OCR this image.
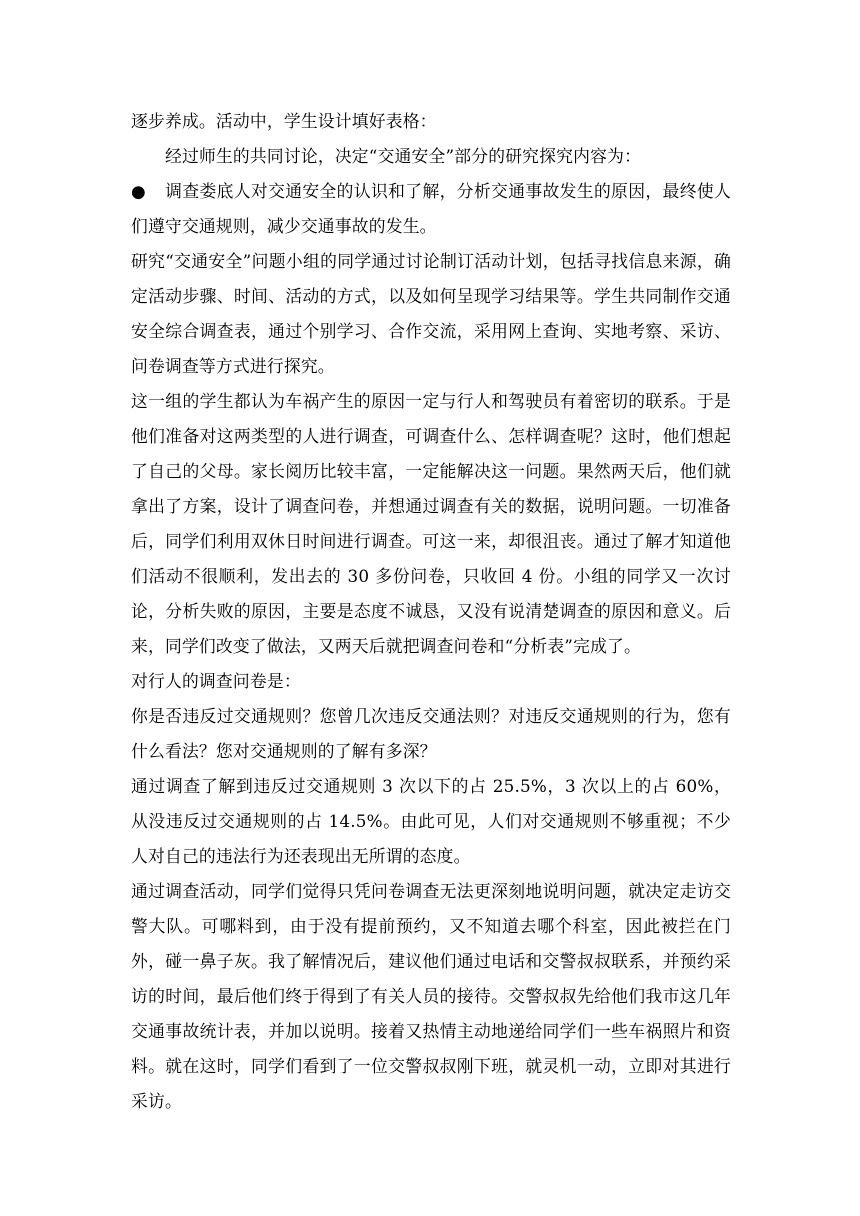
逐步养成。活动中，学生设计填好表格：

经过师生的共同讨论，决定“交通安全”部分的研究探究内容为：

● 调查娄底人对交通安全的认识和了解，分析交通事故发生的原因，最终使人们遵守交通规则，减少交通事故的发生。

研究“交通安全”问题小组的同学通过讨论制订活动计划，包括寻找信息来源，确定活动步骤、时间、活动的方式，以及如何呈现学习结果等。学生共同制作交通安全综合调查表，通过个别学习、合作交流，采用网上查询、实地考察、采访、问卷调查等方式进行探究。

这一组的学生都认为车祸产生的原因一定与行人和驾驶员有着密切的联系。于是他们准备对这两类型的人进行调查，可调查什么、怎样调查呢？这时，他们想起了自己的父母。家长阅历比较丰富，一定能解决这一问题。果然两天后，他们就拿出了方案，设计了调查问卷，并想通过调查有关的数据，说明问题。一切准备后，同学们利用双休日时间进行调查。可这一来，却很沮丧。通过了解才知道他们活动不很顺利，发出去的 30 多份问卷，只收回 4 份。小组的同学又一次讨论，分析失败的原因，主要是态度不诚恳，又没有说清楚调查的原因和意义。后来，同学们改变了做法，又两天后就把调查问卷和“分析表”完成了。

对行人的调查问卷是：

你是否违反过交通规则？您曾几次违反交通法则？对违反交通规则的行为，您有什么看法？您对交通规则的了解有多深？

通过调查了解到违反过交通规则 3 次以下的占 25.5%，3 次以上的占 60%，从没违反过交通规则的占 14.5%。由此可见，人们对交通规则不够重视；不少人对自己的违法行为还表现出无所谓的态度。

通过调查活动，同学们觉得只凭问卷调查无法更深刻地说明问题，就决定走访交警大队。可哪料到，由于没有提前预约，又不知道去哪个科室，因此被拦在门外，碰一鼻子灰。我了解情况后，建议他们通过电话和交警叔叔联系，并预约采访的时间，最后他们终于得到了有关人员的接待。交警叔叔先给他们我市这几年交通事故统计表，并加以说明。接着又热情主动地递给同学们一些车祸照片和资料。就在这时，同学们看到了一位交警叔叔刚下班，就灵机一动，立即对其进行采访。
